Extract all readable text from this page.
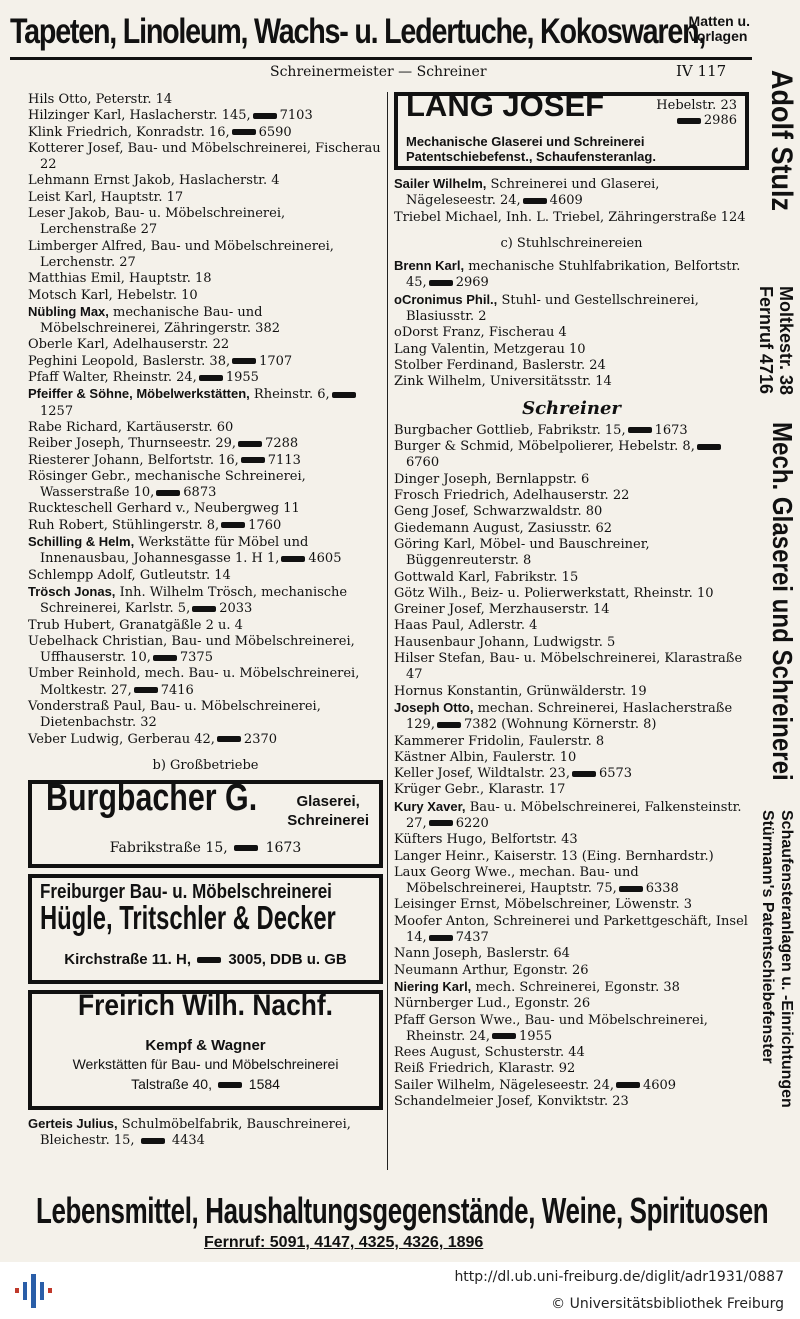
Tapeten, Linoleum, Wachs- u. Ledertuche, Kokoswaren,
Matten u.
Vorlagen
Schreinermeister — Schreiner	IV 117
Hils Otto, Peterstr. 14
Hilzinger Karl, Haslacherstr. 145, 7103
Klink Friedrich, Konradstr. 16, 6590
Kotterer Josef, Bau- und Möbelschreinerei, Fischerau 22
Lehmann Ernst Jakob, Haslacherstr. 4
Leist Karl, Hauptstr. 17
Leser Jakob, Bau- u. Möbelschreinerei, Lerchenstraße 27
Limberger Alfred, Bau- und Möbelschreinerei, Lerchenstr. 27
Matthias Emil, Hauptstr. 18
Motsch Karl, Hebelstr. 10
Nübling Max, mechanische Bau- und Möbelschreinerei, Zähringerstr. 382
Oberle Karl, Adelhauserstr. 22
Peghini Leopold, Baslerstr. 38, 1707
Pfaff Walter, Rheinstr. 24, 1955
Pfeiffer & Söhne, Möbelwerkstätten, Rheinstr. 6,1257
Rabe Richard, Kartäuserstr. 60
Reiber Joseph, Thurnseestr. 29, 7288
Riesterer Johann, Belfortstr. 16, 7113
Rösinger Gebr., mechanische Schreinerei, Wasserstraße 10, 6873
Ruckteschell Gerhard v., Neubergweg 11
Ruh Robert, Stühlingerstr. 8, 1760
Schilling & Helm, Werkstätte für Möbel und Innenausbau, Johannesgasse 1. H 1, 4605
Schlempp Adolf, Gutleutstr. 14
Trösch Jonas, Inh. Wilhelm Trösch, mechanische Schreinerei, Karlstr. 5, 2033
Trub Hubert, Granatgäßle 2 u. 4
Uebelhack Christian, Bau- und Möbelschreinerei, Uffhauserstr. 10, 7375
Umber Reinhold, mech. Bau- u. Möbelschreinerei, Moltkestr. 27, 7416
Vonderstraß Paul, Bau- u. Möbelschreinerei, Dietenbachstr. 32
Veber Ludwig, Gerberau 42, 2370
b) Großbetriebe
Burgbacher G.	Glaserei,
Schreinerei
Fabrikstraße 15,	1673
Freiburger Bau- u. Möbelschreinerei
Hügle, Tritschler & Decker
Kirchstraße 11. H, 3005, DDB u. GB
Freirich Wilh. Nachf.
Kempf & Wagner
Werkstätten für Bau- und Möbelschreinerei
Talstraße 40,	1584
Gerteis Julius, Schulmöbelfabrik, Bauschreinerei, Bleichestr. 15,	4434
LANG JOSEF	Hebelstr. 23
2986
Mechanische Glaserei und Schreinerei
Patentschiebefenst., Schaufensteranlag.
Sailer Wilhelm, Schreinerei und Glaserei, Nägeleseestr. 24, 4609
Triebel Michael, Inh. L. Triebel, Zähringerstraße 124
c) Stuhlschreinereien
Brenn Karl, mechanische Stuhlfabrikation, Belfortstr. 45, 2969
oCronimus Phil., Stuhl- und Gestellschreinerei, Blasiusstr. 2
oDorst Franz, Fischerau 4
Lang Valentin, Metzgerau 10
Stolber Ferdinand, Baslerstr. 24
Zink Wilhelm, Universitätsstr. 14
Schreiner
Burgbacher Gottlieb, Fabrikstr. 15, 1673
Burger & Schmid, Möbelpolierer, Hebelstr. 8,6760
Dinger Joseph, Bernlappstr. 6
Frosch Friedrich, Adelhauserstr. 22
Geng Josef, Schwarzwaldstr. 80
Giedemann August, Zasiusstr. 62
Göring Karl, Möbel- und Bauschreiner, Büggenreuterstr. 8
Gottwald Karl, Fabrikstr. 15
Götz Wilh., Beiz- u. Polierwerkstatt, Rheinstr. 10
Greiner Josef, Merzhauserstr. 14
Haas Paul, Adlerstr. 4
Hausenbaur Johann, Ludwigstr. 5
Hilser Stefan, Bau- u. Möbelschreinerei, Klarastraße 47
Hornus Konstantin, Grünwälderstr. 19
Joseph Otto, mechan. Schreinerei, Haslacherstraße 129, 7382 (Wohnung Körnerstr. 8)
Kammerer Fridolin, Faulerstr. 8
Kästner Albin, Faulerstr. 10
Keller Josef, Wildtalstr. 23, 6573
Krüger Gebr., Klarastr. 17
Kury Xaver, Bau- u. Möbelschreinerei, Falkensteinstr. 27, 6220
Küfters Hugo, Belfortstr. 43
Langer Heinr., Kaiserstr. 13 (Eing. Bernhardstr.)
Laux Georg Wwe., mechan. Bau- und Möbelschreinerei, Hauptstr. 75, 6338
Leisinger Ernst, Möbelschreiner, Löwenstr. 3
Moofer Anton, Schreinerei und Parkettgeschäft, Insel 14, 7437
Nann Joseph, Baslerstr. 64
Neumann Arthur, Egonstr. 26
Niering Karl, mech. Schreinerei, Egonstr. 38
Nürnberger Lud., Egonstr. 26
Pfaff Gerson Wwe., Bau- und Möbelschreinerei, Rheinstr. 24, 1955
Rees August, Schusterstr. 44
Reiß Friedrich, Klarastr. 92
Sailer Wilhelm, Nägeleseestr. 24, 4609
Schandelmeier Josef, Konviktstr. 23
Adolf Stulz
Moltkestr. 38
Fernruf 4716
Mech. Glaserei und Schreinerei
Schaufensteranlagen u. -Einrichtungen
Stürmann's Patentschiebefenster
Lebensmittel, Haushaltungsgegenstände, Weine, Spirituosen
Fernruf: 5091, 4147, 4325, 4326, 1896
http://dl.ub.uni-freiburg.de/diglit/adr1931/0887
© Universitätsbibliothek Freiburg
